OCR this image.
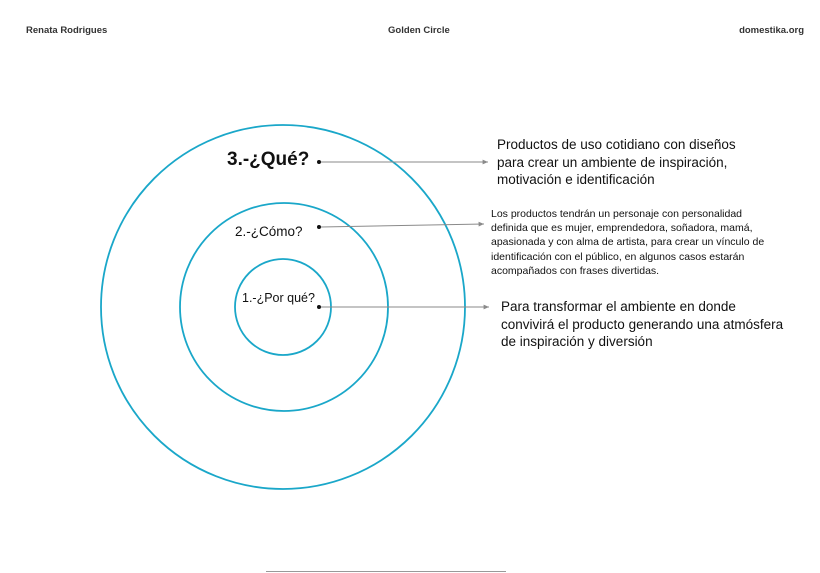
Renata Rodrigues	Golden Circle	domestika.org
3.-¿Qué?
2.-¿Cómo?
1.-¿Por qué?
Productos de uso cotidiano con diseños
para crear un ambiente de inspiración,
motivación e identificación
Los productos tendrán un personaje con personalidad
definida que es mujer, emprendedora, soñadora, mamá,
apasionada y con alma de artista, para crear un vínculo de
identificación con el público, en algunos casos estarán
acompañados con frases divertidas.
Para transformar el ambiente en donde
convivirá el producto generando una atmósfera
de inspiración y diversión
